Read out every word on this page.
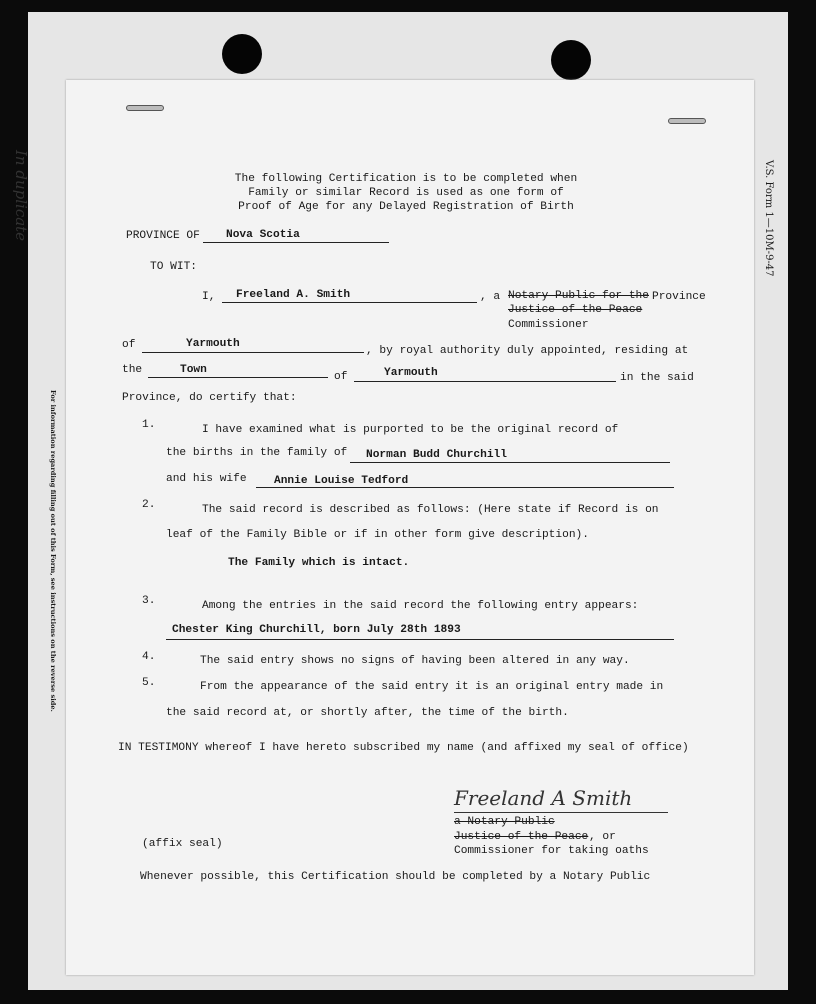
In duplicate
For information regarding filling out of this Form, see instructions on the reverse side.
V.S. Form 1—10M-9-47
The following Certification is to be completed when
Family or similar Record is used as one form of
Proof of Age for any Delayed Registration of Birth
PROVINCE OF Nova Scotia
TO WIT:
I, Freeland A. Smith	, a Notary Public for the Province
Justice of the Peace
Commissioner
of	Yarmouth
, by royal authority duly appointed, residing at
the	Town
of	Yarmouth	in the said
Province, do certify that:
1.	I have examined what is purported to be the original record of
the births in the family of Norman Budd Churchill
and his wife Annie Louise Tedford
2.	The said record is described as follows: (Here state if Record is on
leaf of the Family Bible or if in other form give description).
The Family which is intact.
3.	Among the entries in the said record the following entry appears:
Chester King Churchill, born July 28th 1893
4.	The said entry shows no signs of having been altered in any way.
5.	From the appearance of the said entry it is an original entry made in
the said record at, or shortly after, the time of the birth.
IN TESTIMONY whereof I have hereto subscribed my name (and affixed my seal of office)
Freeland A Smith
a Notary Public
Justice of the Peace , or
Commissioner for taking oaths
(affix seal)
Whenever possible, this Certification should be completed by a Notary Public
